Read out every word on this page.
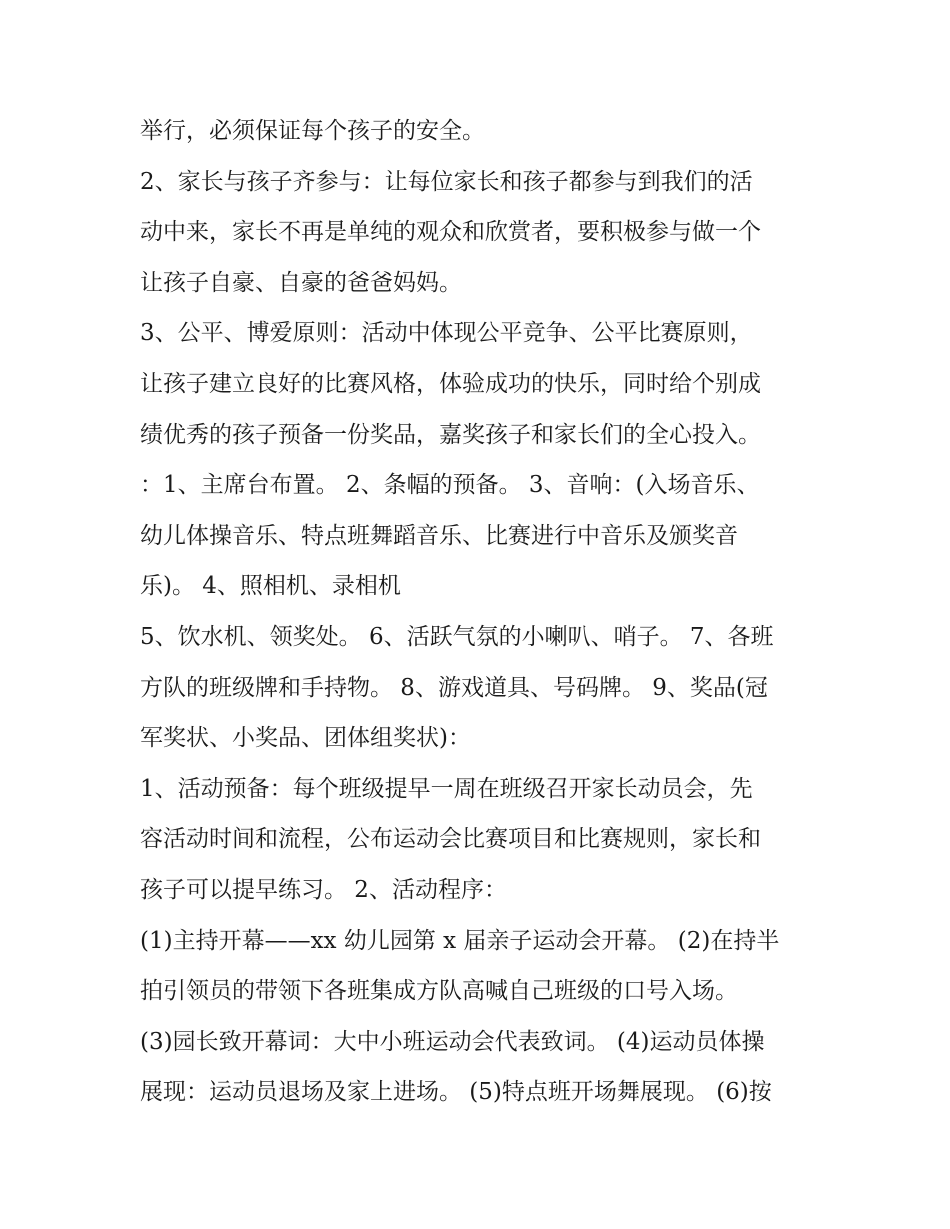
举行，必须保证每个孩子的安全。
2、家长与孩子齐参与：让每位家长和孩子都参与到我们的活
动中来，家长不再是单纯的观众和欣赏者，要积极参与做一个
让孩子自豪、自豪的爸爸妈妈。
3、公平、博爱原则：活动中体现公平竞争、公平比赛原则，
让孩子建立良好的比赛风格，体验成功的快乐，同时给个别成
绩优秀的孩子预备一份奖品，嘉奖孩子和家长们的全心投入。
：1、主席台布置。 2、条幅的预备。 3、音响：(入场音乐、
幼儿体操音乐、特点班舞蹈音乐、比赛进行中音乐及颁奖音
乐)。 4、照相机、录相机
5、饮水机、领奖处。 6、活跃气氛的小喇叭、哨子。 7、各班
方队的班级牌和手持物。 8、游戏道具、号码牌。 9、奖品(冠
军奖状、小奖品、团体组奖状)：
1、活动预备：每个班级提早一周在班级召开家长动员会，先
容活动时间和流程，公布运动会比赛项目和比赛规则，家长和
孩子可以提早练习。 2、活动程序：
(1)主持开幕——xx 幼儿园第 x 届亲子运动会开幕。 (2)在持半
拍引领员的带领下各班集成方队高喊自己班级的口号入场。
(3)园长致开幕词：大中小班运动会代表致词。 (4)运动员体操
展现：运动员退场及家上进场。 (5)特点班开场舞展现。 (6)按
